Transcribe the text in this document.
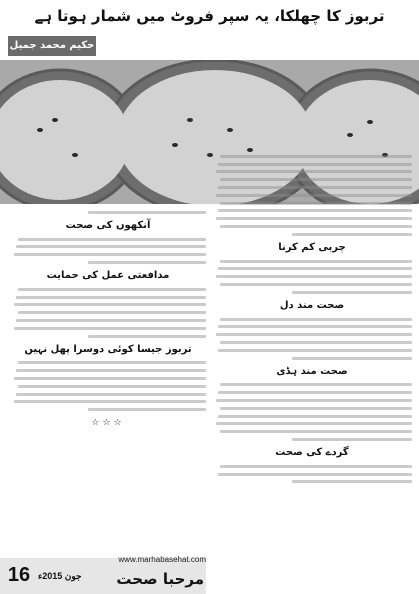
تربوز کا چھلکا، یہ سپر فروٹ میں شمار ہوتا ہے
حکیم محمد جمیل
چربی کم کرنا
صحت مند دل
صحت مند ہڈی
گردے کی صحت
آنکھوں کی صحت
مدافعتی عمل کی حمایت
تربوز جیسا کوئی دوسرا پھل نہیں
☆☆☆
www.marhabasehat.com
16 جون 2015ء	مرحبا صحت
